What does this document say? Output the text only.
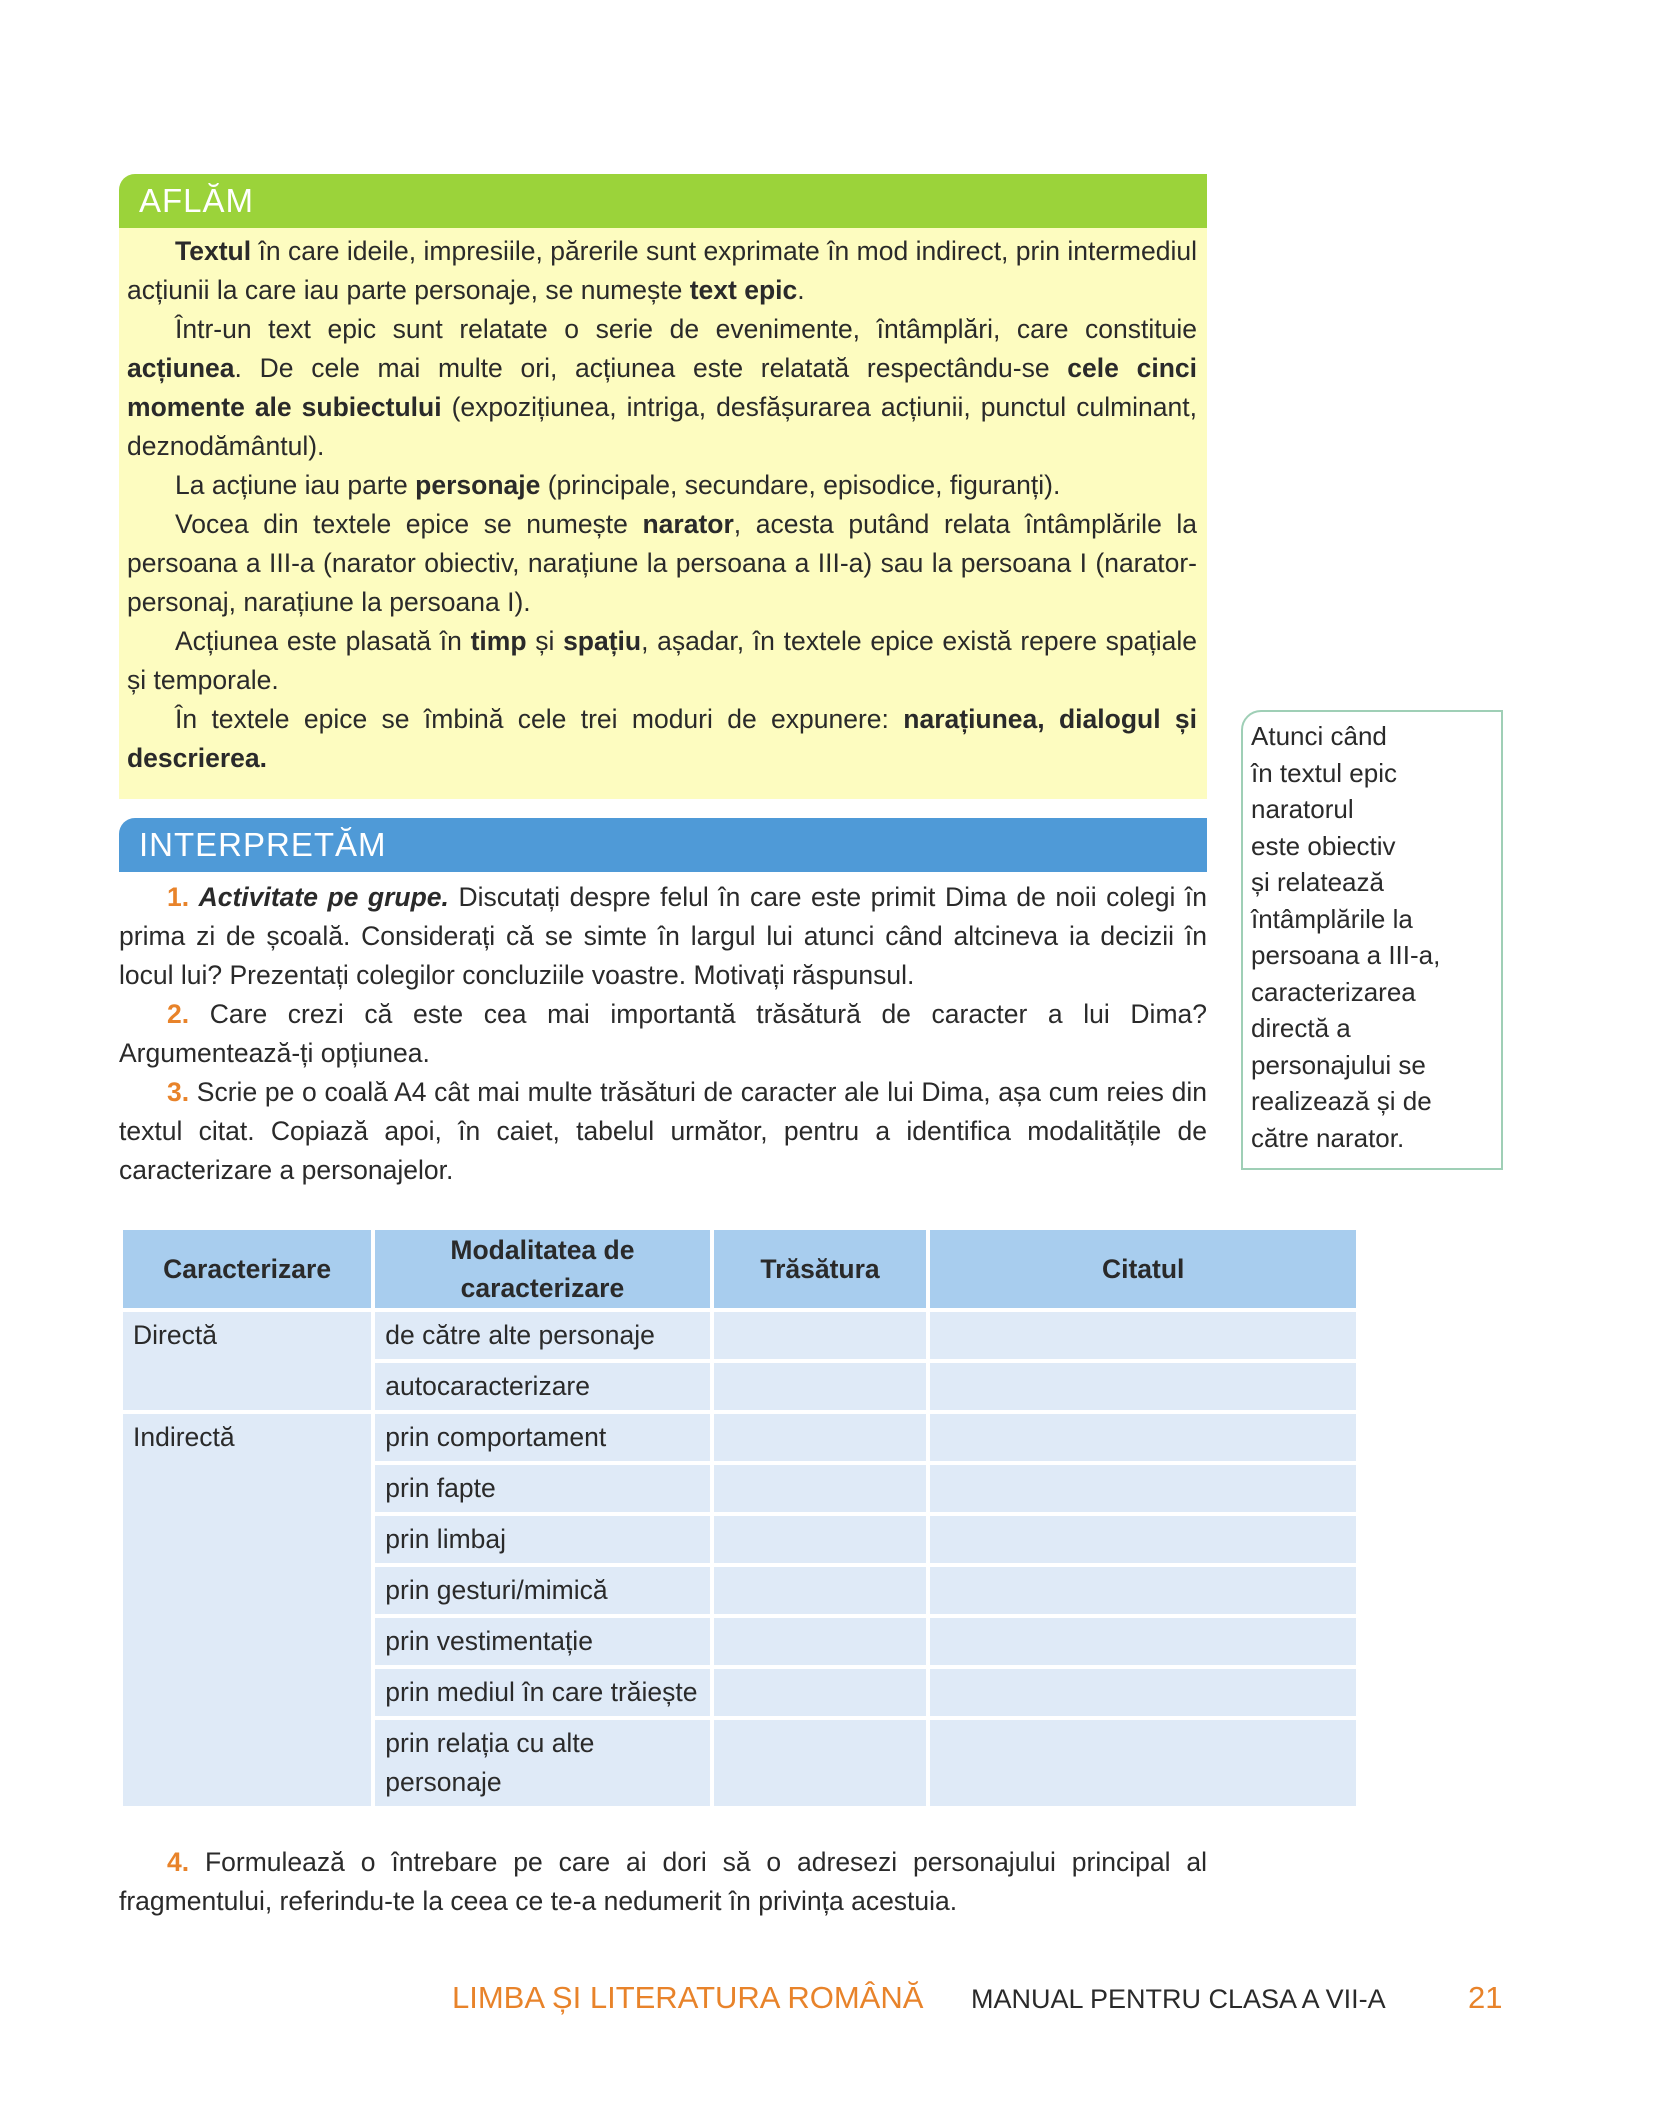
AFLĂM

Textul în care ideile, impresiile, părerile sunt exprimate în mod indirect, prin intermediul acțiunii la care iau parte personaje, se numește text epic.

Într-un text epic sunt relatate o serie de evenimente, întâmplări, care constituie acțiunea. De cele mai multe ori, acțiunea este relatată respectându-se cele cinci momente ale subiectului (expozițiunea, intriga, desfășurarea acțiunii, punctul culminant, deznodământul).

La acțiune iau parte personaje (principale, secundare, episodice, figuranți).

Vocea din textele epice se numește narator, acesta putând relata întâmplările la persoana a III-a (narator obiectiv, narațiune la persoana a III-a) sau la persoana I (narator-personaj, narațiune la persoana I).

Acțiunea este plasată în timp și spațiu, așadar, în textele epice există repere spațiale și temporale.

În textele epice se îmbină cele trei moduri de expunere: narațiunea, dialogul și descrierea.

INTERPRETĂM

1. Activitate pe grupe. Discutați despre felul în care este primit Dima de noii colegi în prima zi de școală. Considerați că se simte în largul lui atunci când altcineva ia decizii în locul lui? Prezentați colegilor concluziile voastre. Motivați răspunsul.

2. Care crezi că este cea mai importantă trăsătură de caracter a lui Dima? Argumentează-ți opțiunea.

3. Scrie pe o coală A4 cât mai multe trăsături de caracter ale lui Dima, așa cum reies din textul citat. Copiază apoi, în caiet, tabelul următor, pentru a identifica modalitățile de caracterizare a personajelor.

Atunci când
în textul epic
naratorul
este obiectiv
și relatează
întâmplările la
persoana a III-a,
caracterizarea
directă a
personajului se
realizează și de
către narator.
Caracterizare	Modalitatea de caracterizare	Trăsătura	Citatul
Directă	de către alte personaje		
	autocaracterizare		
Indirectă	prin comportament		
	prin fapte		
	prin limbaj		
	prin gesturi/mimică		
	prin vestimentație		
	prin mediul în care trăiește		
	prin relația cu alte personaje		

4. Formulează o întrebare pe care ai dori să o adresezi personajului principal al fragmentului, referindu-te la ceea ce te-a nedumerit în privința acestuia.

LIMBA ȘI LITERATURA ROMÂNĂ MANUAL PENTRU CLASA A VII-A	21
